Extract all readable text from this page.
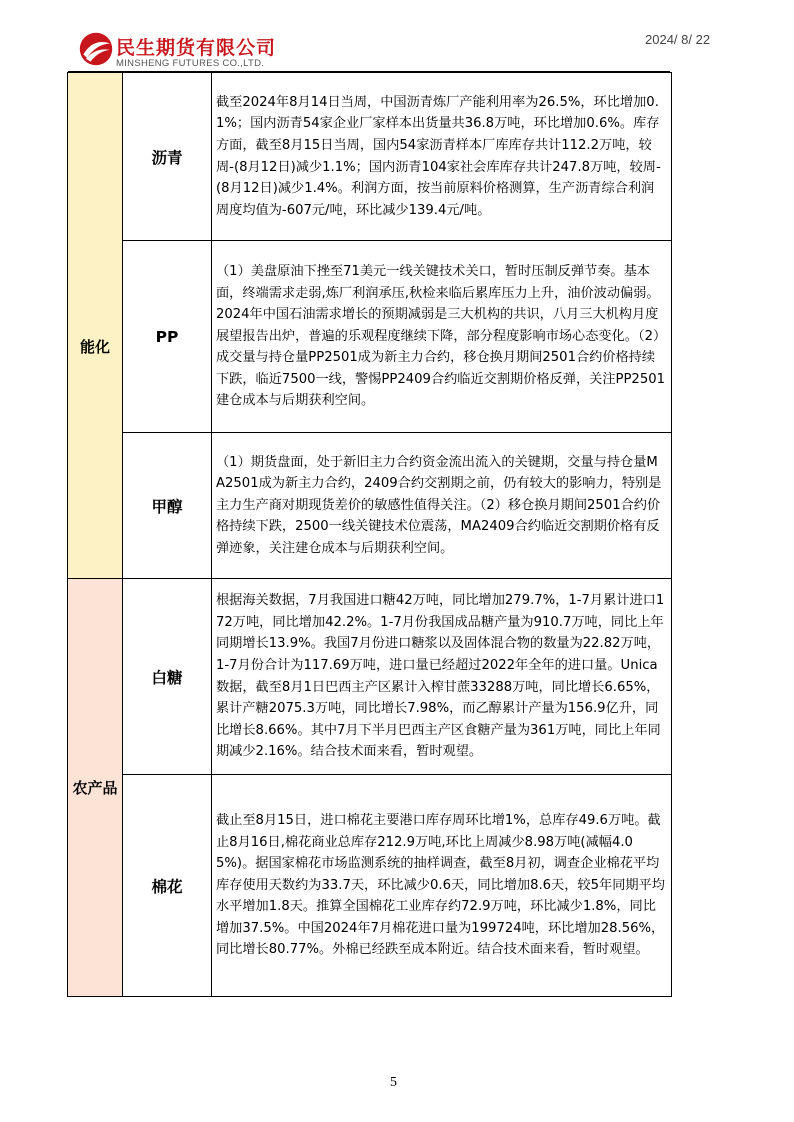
民生期货有限公司
MINSHENG FUTURES CO.,LTD.
2024/ 8/ 22
能化	沥青	截至2024年8月14日当周，中国沥青炼厂产能利用率为26.5%，环比增加0.1%；国内沥青54家企业厂家样本出货量共36.8万吨，环比增加0.6%。库存方面，截至8月15日当周，国内54家沥青样本厂库库存共计112.2万吨，较周-(8月12日)减少1.1%；国内沥青104家社会库库存共计247.8万吨，较周-(8月12日)减少1.4%。利润方面，按当前原料价格测算，生产沥青综合利润周度均值为-607元/吨，环比减少139.4元/吨。
	PP	（1）美盘原油下挫至71美元一线关键技术关口，暂时压制反弹节奏。基本面，终端需求走弱,炼厂利润承压,秋检来临后累库压力上升，油价波动偏弱。2024年中国石油需求增长的预期减弱是三大机构的共识，八月三大机构月度展望报告出炉，普遍的乐观程度继续下降，部分程度影响市场心态变化。（2）成交量与持仓量PP2501成为新主力合约，移仓换月期间2501合约价格持续下跌，临近7500一线，警惕PP2409合约临近交割期价格反弹，关注PP2501建仓成本与后期获利空间。
	甲醇	（1）期货盘面，处于新旧主力合约资金流出流入的关键期，交量与持仓量MA2501成为新主力合约，2409合约交割期之前，仍有较大的影响力，特别是主力生产商对期现货差价的敏感性值得关注。（2）移仓换月期间2501合约价格持续下跌，2500一线关键技术位震荡，MA2409合约临近交割期价格有反弹迹象，关注建仓成本与后期获利空间。
农产品	白糖	根据海关数据，7月我国进口糖42万吨，同比增加279.7%，1-7月累计进口172万吨，同比增加42.2%。1-7月份我国成品糖产量为910.7万吨，同比上年同期增长13.9%。我国7月份进口糖浆以及固体混合物的数量为22.82万吨，1-7月份合计为117.69万吨，进口量已经超过2022年全年的进口量。Unica数据，截至8月1日巴西主产区累计入榨甘蔗33288万吨，同比增长6.65%，累计产糖2075.3万吨，同比增长7.98%，而乙醇累计产量为156.9亿升，同比增长8.66%。其中7月下半月巴西主产区食糖产量为361万吨，同比上年同期减少2.16%。结合技术面来看，暂时观望。
	棉花	截止至8月15日，进口棉花主要港口库存周环比增1%，总库存49.6万吨。截止8月16日,棉花商业总库存212.9万吨,环比上周减少8.98万吨(减幅4.05%)。据国家棉花市场监测系统的抽样调查，截至8月初，调查企业棉花平均库存使用天数约为33.7天，环比减少0.6天，同比增加8.6天，较5年同期平均水平增加1.8天。推算全国棉花工业库存约72.9万吨，环比减少1.8%，同比增加37.5%。中国2024年7月棉花进口量为199724吨，环比增加28.56%，同比增长80.77%。外棉已经跌至成本附近。结合技术面来看，暂时观望。
5
